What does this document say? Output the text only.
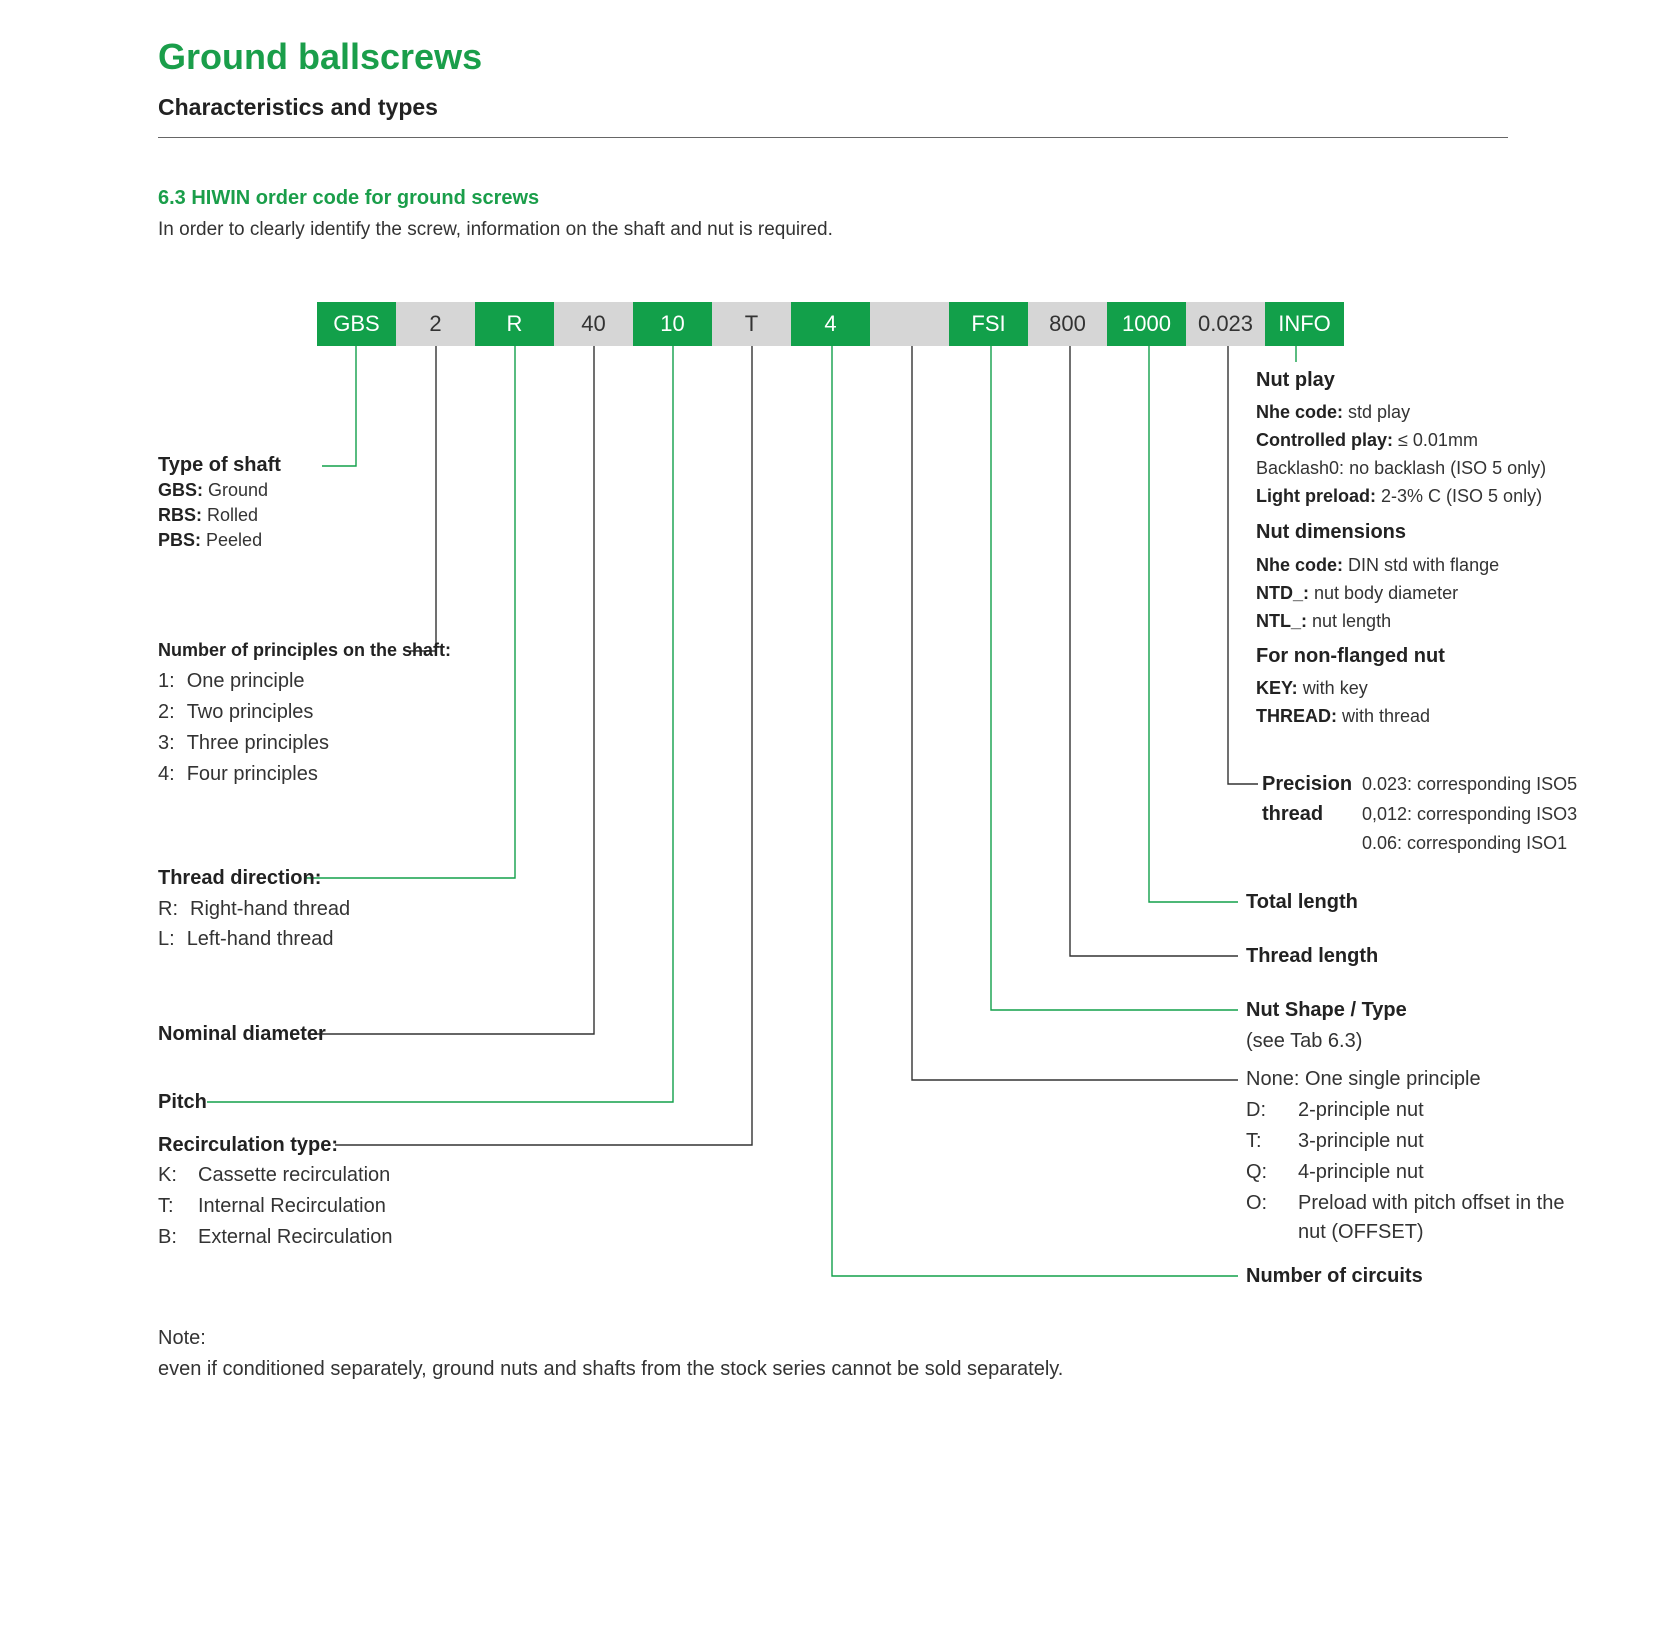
Ground ballscrews
Characteristics and types
6.3 HIWIN order code for ground screws
In order to clearly identify the screw, information on the shaft and nut is required.
GBS	2	R	40	10	T	4	FSI	800	1000	0.023	INFO
Type of shaft
GBS: Ground
RBS: Rolled
PBS: Peeled
Number of principles on the shaft:
1: One principle
2: Two principles
3: Three principles
4: Four principles
Thread direction:
R: Right-hand thread
L: Left-hand thread
Nominal diameter
Pitch
Recirculation type:
K: Cassette recirculation
T: Internal Recirculation
B: External Recirculation
Nut play
Nhe code: std play
Controlled play: ≤ 0.01mm
Backlash0: no backlash (ISO 5 only)
Light preload: 2-3% C (ISO 5 only)
Nut dimensions
Nhe code: DIN std with flange
NTD_: nut body diameter
NTL_: nut length
For non-flanged nut
KEY: with key
THREAD: with thread
Precision
thread
0.023: corresponding ISO5
0,012: corresponding ISO3
0.06: corresponding ISO1
Total length
Thread length
Nut Shape / Type
(see Tab 6.3)
None: One single principle
D: 2-principle nut
T: 3-principle nut
Q: 4-principle nut
O: Preload with pitch offset in the
nut (OFFSET)
Number of circuits
Note:
even if conditioned separately, ground nuts and shafts from the stock series cannot be sold separately.
